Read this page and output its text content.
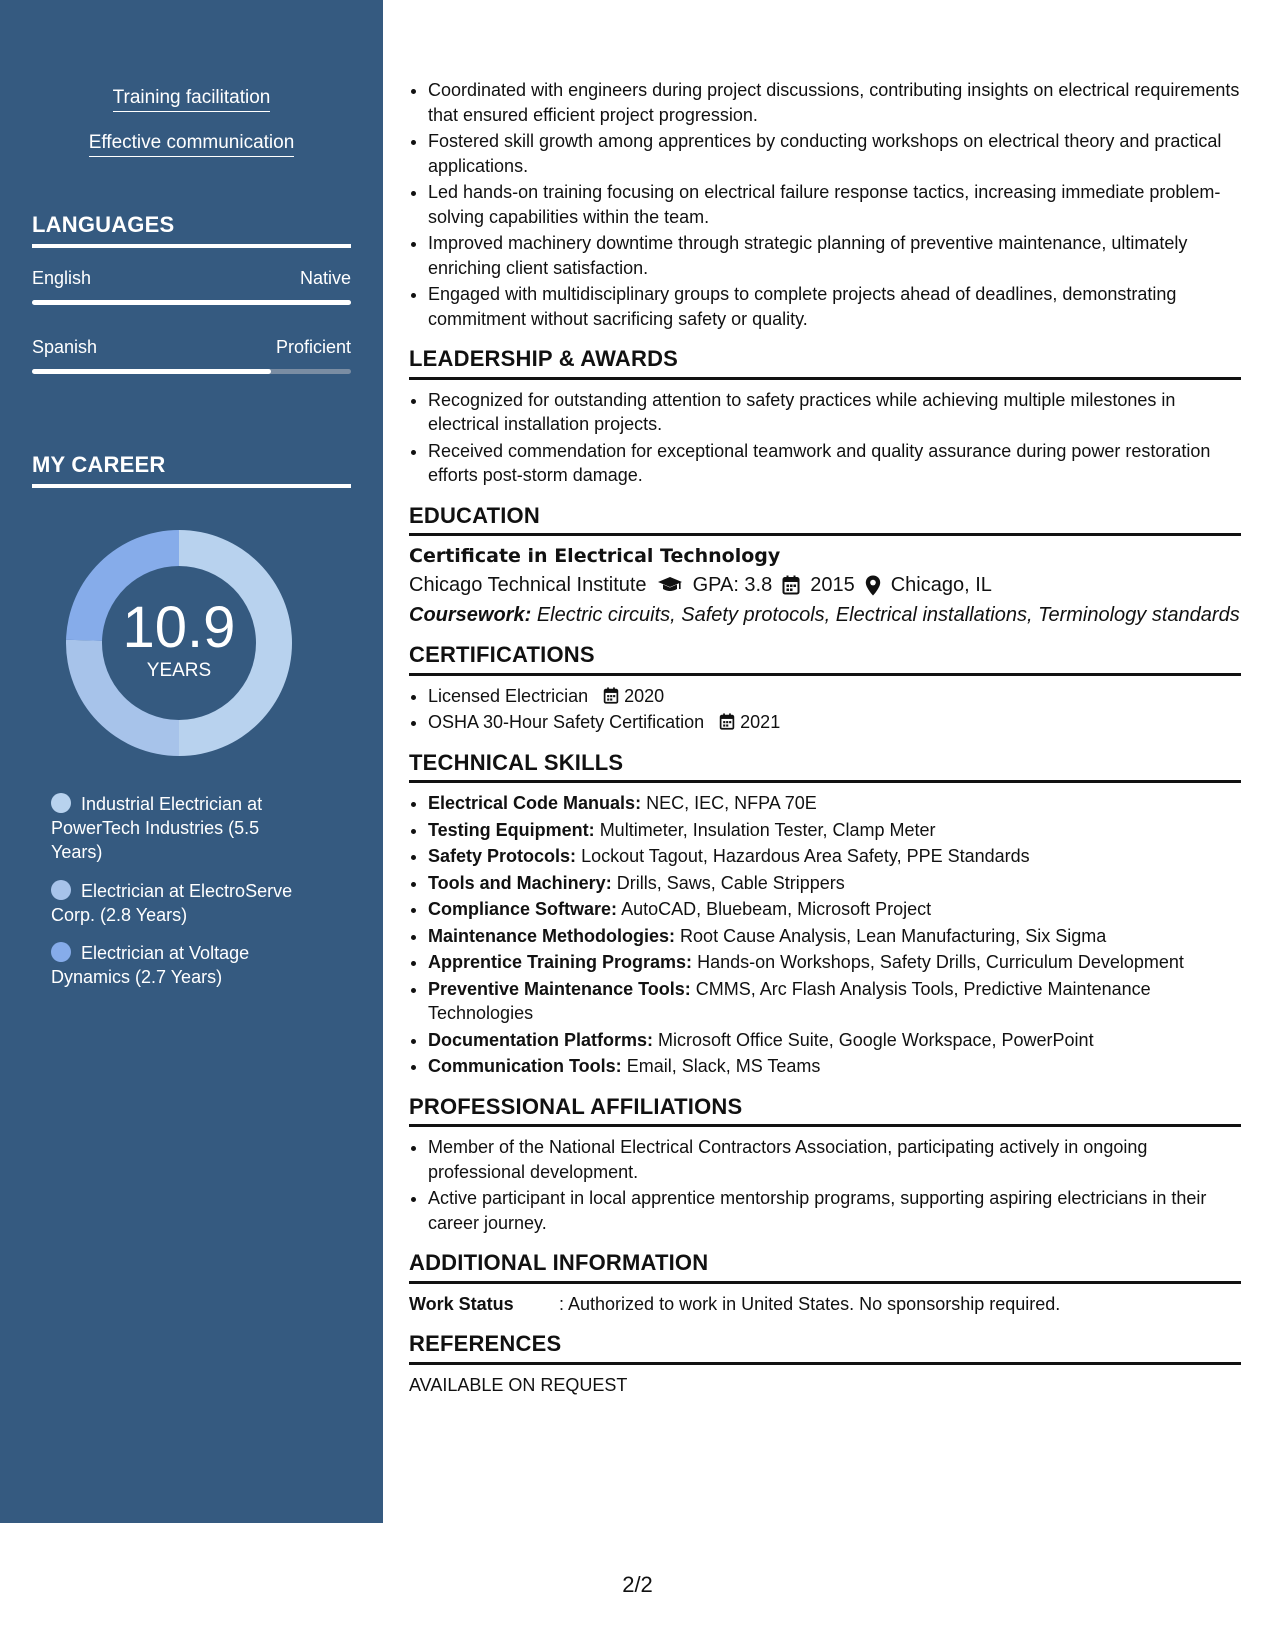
Training facilitation
Effective communication
LANGUAGES
English	Native
Spanish	Proficient
MY CAREER
10.9
YEARS
Industrial Electrician at PowerTech Industries (5.5 Years)
Electrician at ElectroServe Corp. (2.8 Years)
Electrician at Voltage Dynamics (2.7 Years)
• Coordinated with engineers during project discussions, contributing insights on electrical requirements that ensured efficient project progression.
• Fostered skill growth among apprentices by conducting workshops on electrical theory and practical applications.
• Led hands-on training focusing on electrical failure response tactics, increasing immediate problem-solving capabilities within the team.
• Improved machinery downtime through strategic planning of preventive maintenance, ultimately enriching client satisfaction.
• Engaged with multidisciplinary groups to complete projects ahead of deadlines, demonstrating commitment without sacrificing safety or quality.
LEADERSHIP & AWARDS
• Recognized for outstanding attention to safety practices while achieving multiple milestones in electrical installation projects.
• Received commendation for exceptional teamwork and quality assurance during power restoration efforts post-storm damage.
EDUCATION
Certificate in Electrical Technology
Chicago Technical Institute GPA: 3.8 2015 Chicago, IL
Coursework: Electric circuits, Safety protocols, Electrical installations, Terminology standards
CERTIFICATIONS
• Licensed Electrician 2020
• OSHA 30-Hour Safety Certification 2021
TECHNICAL SKILLS
• Electrical Code Manuals: NEC, IEC, NFPA 70E
• Testing Equipment: Multimeter, Insulation Tester, Clamp Meter
• Safety Protocols: Lockout Tagout, Hazardous Area Safety, PPE Standards
• Tools and Machinery: Drills, Saws, Cable Strippers
• Compliance Software: AutoCAD, Bluebeam, Microsoft Project
• Maintenance Methodologies: Root Cause Analysis, Lean Manufacturing, Six Sigma
• Apprentice Training Programs: Hands-on Workshops, Safety Drills, Curriculum Development
• Preventive Maintenance Tools: CMMS, Arc Flash Analysis Tools, Predictive Maintenance Technologies
• Documentation Platforms: Microsoft Office Suite, Google Workspace, PowerPoint
• Communication Tools: Email, Slack, MS Teams
PROFESSIONAL AFFILIATIONS
• Member of the National Electrical Contractors Association, participating actively in ongoing professional development.
• Active participant in local apprentice mentorship programs, supporting aspiring electricians in their career journey.
ADDITIONAL INFORMATION
Work Status	: Authorized to work in United States. No sponsorship required.
REFERENCES
AVAILABLE ON REQUEST
2/2
